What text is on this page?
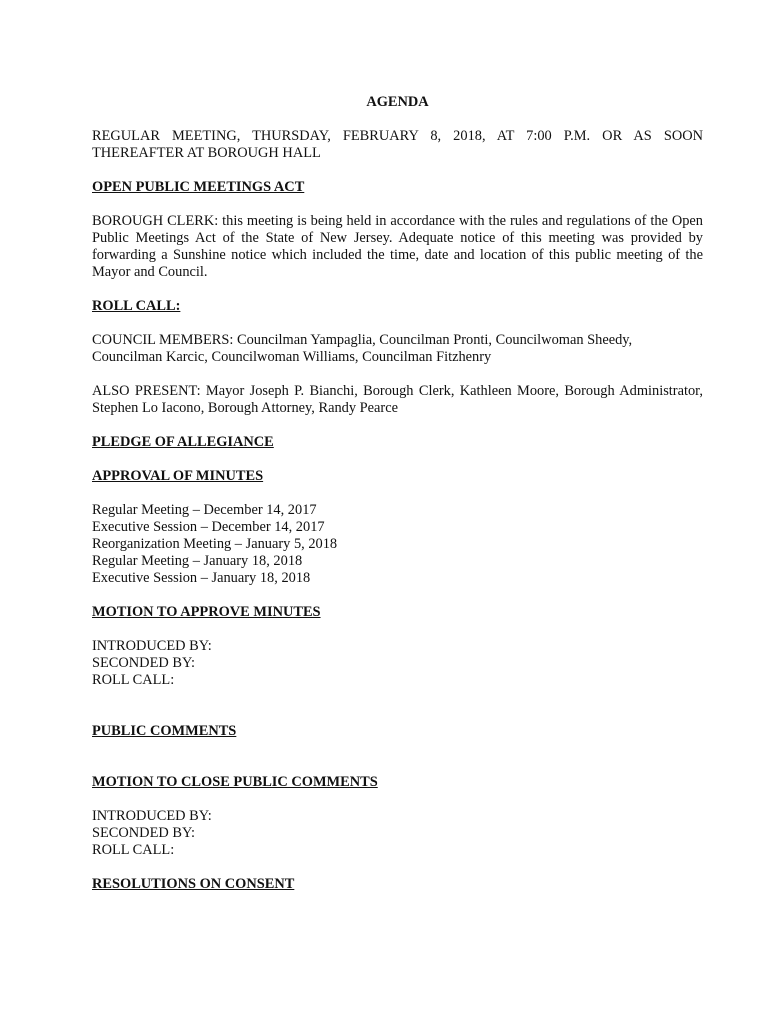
AGENDA
REGULAR MEETING, THURSDAY, FEBRUARY 8, 2018, AT 7:00 P.M. OR AS SOON THEREAFTER AT BOROUGH HALL
OPEN PUBLIC MEETINGS ACT
BOROUGH CLERK: this meeting is being held in accordance with the rules and regulations of the Open Public Meetings Act of the State of New Jersey. Adequate notice of this meeting was provided by forwarding a Sunshine notice which included the time, date and location of this public meeting of the Mayor and Council.
ROLL CALL:
COUNCIL MEMBERS: Councilman Yampaglia, Councilman Pronti, Councilwoman Sheedy,
Councilman Karcic, Councilwoman Williams, Councilman Fitzhenry
ALSO PRESENT: Mayor Joseph P. Bianchi, Borough Clerk, Kathleen Moore, Borough Administrator, Stephen Lo Iacono, Borough Attorney, Randy Pearce
PLEDGE OF ALLEGIANCE
APPROVAL OF MINUTES
Regular Meeting – December 14, 2017
Executive Session – December 14, 2017
Reorganization Meeting – January 5, 2018
Regular Meeting – January 18, 2018
Executive Session – January 18, 2018
MOTION TO APPROVE MINUTES
INTRODUCED BY:
SECONDED BY:
ROLL CALL:
PUBLIC COMMENTS
MOTION TO CLOSE PUBLIC COMMENTS
INTRODUCED BY:
SECONDED BY:
ROLL CALL:
RESOLUTIONS ON CONSENT
